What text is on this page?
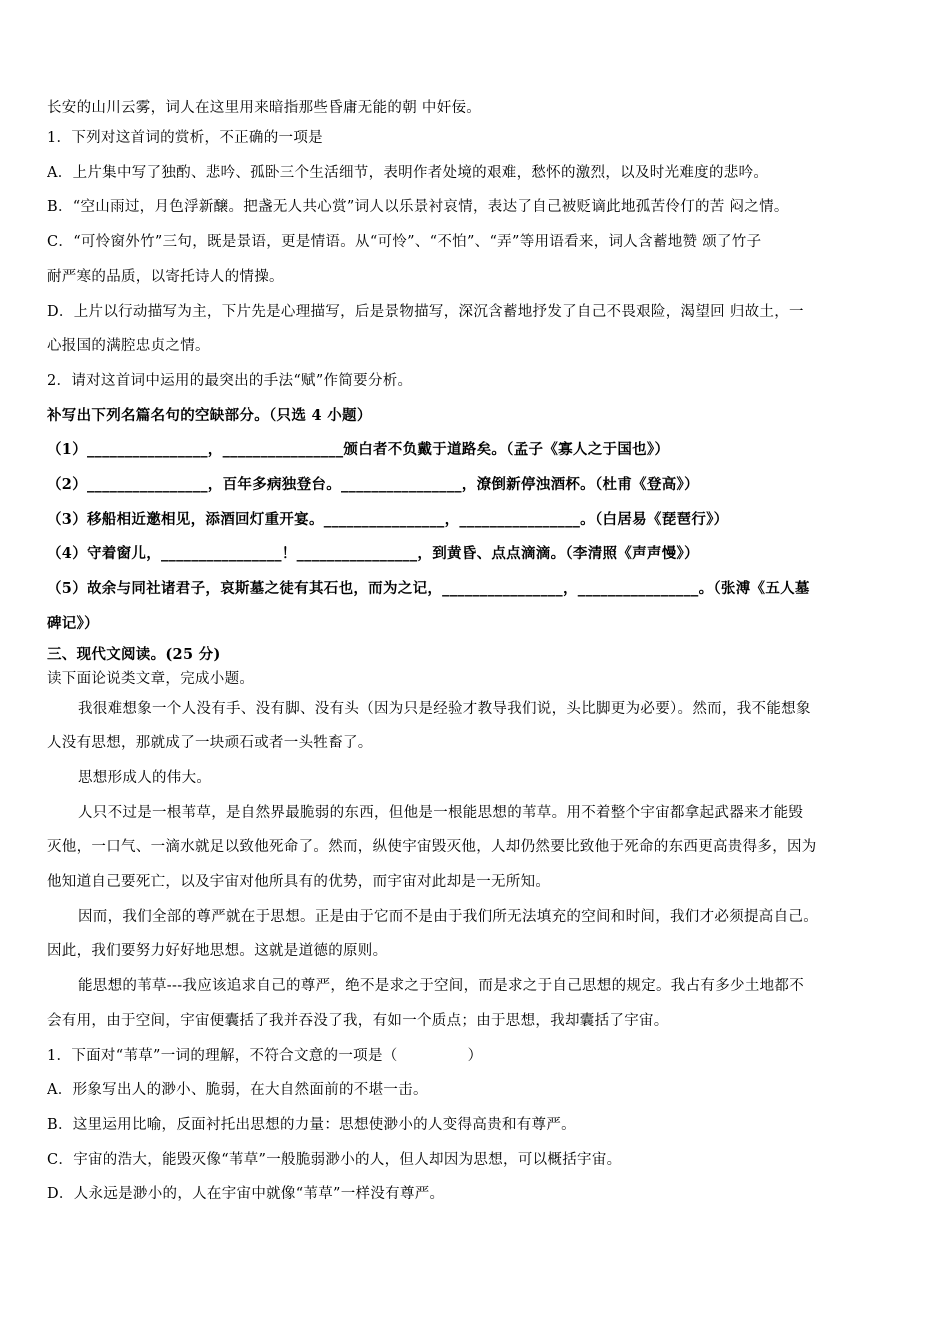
长安的山川云雾，词人在这里用来暗指那些昏庸无能的朝 中奸佞。
1．下列对这首词的赏析，不正确的一项是
A．上片集中写了独酌、悲吟、孤卧三个生活细节，表明作者处境的艰难，愁怀的激烈，以及时光难度的悲吟。
B．“空山雨过，月色浮新醸。把盏无人共心赏”词人以乐景衬哀情，表达了自己被贬谪此地孤苦伶仃的苦 闷之情。
C．“可怜窗外竹”三句，既是景语，更是情语。从“可怜”、“不怕”、“弄”等用语看来，词人含蓄地赞 颂了竹子
耐严寒的品质，以寄托诗人的情操。
D．上片以行动描写为主，下片先是心理描写，后是景物描写，深沉含蓄地抒发了自己不畏艰险，渴望回 归故土，一
心报国的满腔忠贞之情。
2．请对这首词中运用的最突出的手法“赋”作简要分析。
补写出下列名篇名句的空缺部分。（只选 4 小题）
（1）________________，________________颁白者不负戴于道路矣。（孟子《寡人之于国也》）
（2）________________，百年多病独登台。________________，潦倒新停浊酒杯。（杜甫《登高》）
（3）移船相近邀相见，添酒回灯重开宴。________________，________________。（白居易《琵琶行》）
（4）守着窗儿，________________！________________，到黄昏、点点滴滴。（李清照《声声慢》）
（5）故余与同社诸君子，哀斯墓之徒有其石也，而为之记，________________，________________。（张溥《五人墓
碑记》）
三、现代文阅读。(25 分)
读下面论说类文章，完成小题。
我很难想象一个人没有手、没有脚、没有头（因为只是经验才教导我们说，头比脚更为必要）。然而，我不能想象
人没有思想，那就成了一块顽石或者一头牲畜了。
思想形成人的伟大。
人只不过是一根苇草，是自然界最脆弱的东西，但他是一根能思想的苇草。用不着整个宇宙都拿起武器来才能毁
灭他，一口气、一滴水就足以致他死命了。然而，纵使宇宙毁灭他，人却仍然要比致他于死命的东西更高贵得多，因为
他知道自己要死亡，以及宇宙对他所具有的优势，而宇宙对此却是一无所知。
因而，我们全部的尊严就在于思想。正是由于它而不是由于我们所无法填充的空间和时间，我们才必须提高自己。
因此，我们要努力好好地思想。这就是道德的原则。
能思想的苇草---我应该追求自己的尊严，绝不是求之于空间，而是求之于自己思想的规定。我占有多少土地都不
会有用，由于空间，宇宙便囊括了我并吞没了我，有如一个质点；由于思想，我却囊括了宇宙。
1．下面对“苇草”一词的理解，不符合文意的一项是（	）
A．形象写出人的渺小、脆弱，在大自然面前的不堪一击。
B．这里运用比喻，反面衬托出思想的力量：思想使渺小的人变得高贵和有尊严。
C．宇宙的浩大，能毁灭像“苇草”一般脆弱渺小的人，但人却因为思想，可以概括宇宙。
D．人永远是渺小的，人在宇宙中就像“苇草”一样没有尊严。
